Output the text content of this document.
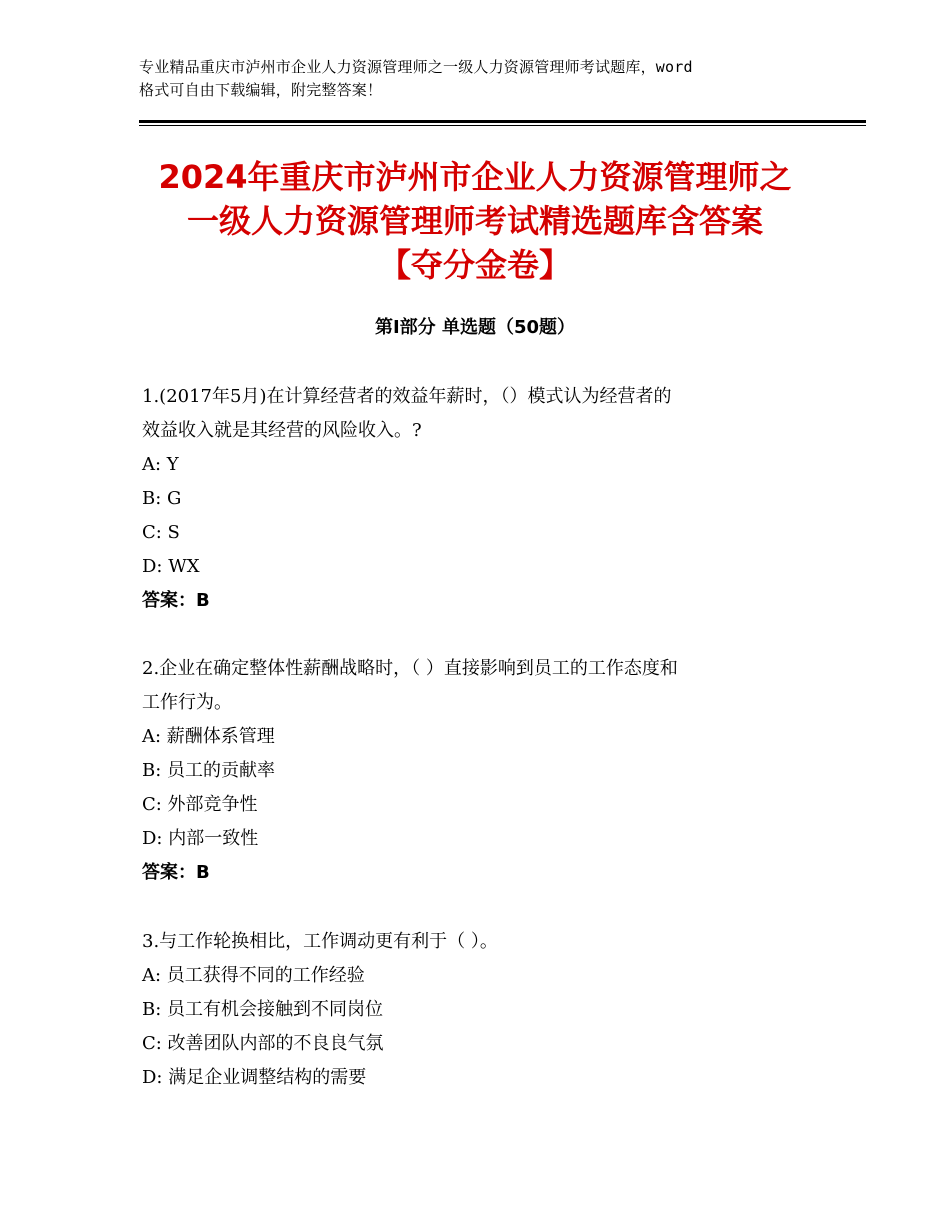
专业精品重庆市泸州市企业人力资源管理师之一级人力资源管理师考试题库，word
格式可自由下载编辑，附完整答案！
2024年重庆市泸州市企业人力资源管理师之
一级人力资源管理师考试精选题库含答案
【夺分金卷】
第Ⅰ部分 单选题（50题）
1.(2017年5月)在计算经营者的效益年薪时，（）模式认为经营者的
效益收入就是其经营的风险收入。?
A: Y
B: G
C: S
D: WX
答案：B
2.企业在确定整体性薪酬战略时，（ ）直接影响到员工的工作态度和
工作行为。
A: 薪酬体系管理
B: 员工的贡献率
C: 外部竞争性
D: 内部一致性
答案：B
3.与工作轮换相比，工作调动更有利于（ ）。
A: 员工获得不同的工作经验
B: 员工有机会接触到不同岗位
C: 改善团队内部的不良良气氛
D: 满足企业调整结构的需要
